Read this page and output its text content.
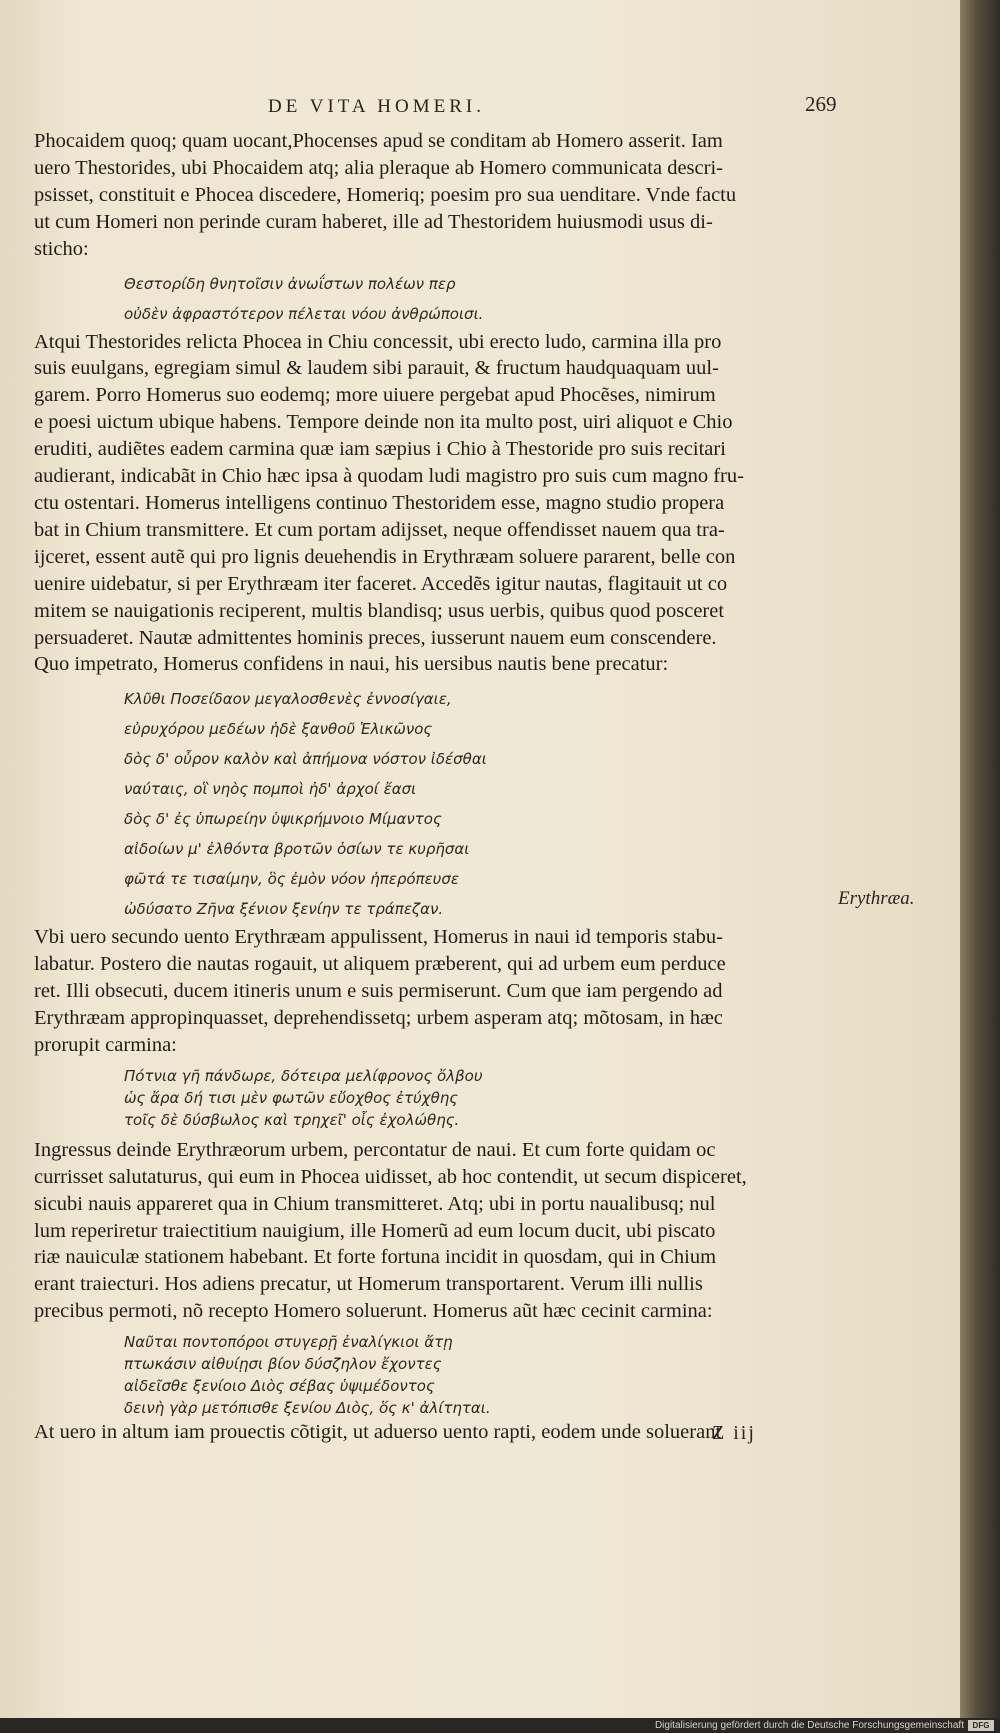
DE VITA HOMERI.	269
Phocaidem quoq; quam uocant,Phocenses apud se conditam ab Homero asserit. Iam
uero Thestorides, ubi Phocaidem atq; alia pleraque ab Homero communicata descri-
psisset, constituit e Phocea discedere, Homeriq; poesim pro sua uenditare. Vnde factu
ut cum Homeri non perinde curam haberet, ille ad Thestoridem huiusmodi usus di-
sticho:
Θεστορίδη θνητοῖσιν ἀνωΐστων πολέων περ
οὐδὲν ἀφραστότερον πέλεται νόου ἀνθρώποισι.
Atqui Thestorides relicta Phocea in Chiu concessit, ubi erecto ludo, carmina illa pro
suis euulgans, egregiam simul & laudem sibi parauit, & fructum haudquaquam uul-
garem. Porro Homerus suo eodemq; more uiuere pergebat apud Phocẽses, nimirum
e poesi uictum ubique habens. Tempore deinde non ita multo post, uiri aliquot e Chio
eruditi, audiẽtes eadem carmina quæ iam sæpius i Chio à Thestoride pro suis recitari
audierant, indicabãt in Chio hæc ipsa à quodam ludi magistro pro suis cum magno fru-
ctu ostentari. Homerus intelligens continuo Thestoridem esse, magno studio propera
bat in Chium transmittere. Et cum portam adijsset, neque offendisset nauem qua tra-
ijceret, essent autẽ qui pro lignis deuehendis in Erythræam soluere pararent, belle con
uenire uidebatur, si per Erythræam iter faceret. Accedẽs igitur nautas, flagitauit ut co
mitem se nauigationis reciperent, multis blandisq; usus uerbis, quibus quod posceret
persuaderet. Nautæ admittentes hominis preces, iusserunt nauem eum conscendere.
Quo impetrato, Homerus confidens in naui, his uersibus nautis bene precatur:
Κλῦθι Ποσείδαον μεγαλοσθενὲς ἐννοσίγαιε,
εὐρυχόρου μεδέων ἠδὲ ξανθοῦ Ἑλικῶνος
δὸς δ' οὖρον καλὸν καὶ ἀπήμονα νόστον ἰδέσθαι
ναύταις, οἳ νηὸς πομποὶ ἠδ' ἀρχοί ἔασι
δὸς δ' ἐς ὑπωρείην ὑψικρήμνοιο Μίμαντος
αἰδοίων μ' ἐλθόντα βροτῶν ὁσίων τε κυρῆσαι
φῶτά τε τισαίμην, ὃς ἐμὸν νόον ἠπερόπευσε
ὠδύσατο Ζῆνα ξένιον ξενίην τε τράπεζαν.
Vbi uero secundo uento Erythræam appulissent, Homerus in naui id temporis stabu-
labatur. Postero die nautas rogauit, ut aliquem præberent, qui ad urbem eum perduce
ret. Illi obsecuti, ducem itineris unum e suis permiserunt. Cum que iam pergendo ad
Erythræam appropinquasset, deprehendissetq; urbem asperam atq; mõtosam, in hæc
prorupit carmina:
Πότνια γῆ πάνδωρε, δότειρα μελίφρονος ὄλβου
ὡς ἄρα δή τισι μὲν φωτῶν εὔοχθος ἐτύχθης
τοῖς δὲ δύσβωλος καὶ τρηχεῖ' οἷς ἐχολώθης.
Ingressus deinde Erythræorum urbem, percontatur de naui. Et cum forte quidam oc
currisset salutaturus, qui eum in Phocea uidisset, ab hoc contendit, ut secum dispiceret,
sicubi nauis appareret qua in Chium transmitteret. Atq; ubi in portu naualibusq; nul
lum reperiretur traiectitium nauigium, ille Homerũ ad eum locum ducit, ubi piscato
riæ nauiculæ stationem habebant. Et forte fortuna incidit in quosdam, qui in Chium
erant traiecturi. Hos adiens precatur, ut Homerum transportarent. Verum illi nullis
precibus permoti, nõ recepto Homero soluerunt. Homerus aũt hæc cecinit carmina:
Ναῦται ποντοπόροι στυγερῇ ἐναλίγκιοι ἄτῃ
πτωκάσιν αἰθυίῃσι βίον δύσζηλον ἔχοντες
αἰδεῖσθε ξενίοιο Διὸς σέβας ὑψιμέδοντος
δεινὴ γὰρ μετόπισθε ξενίου Διὸς, ὅς κ' ἀλίτηται.
At uero in altum iam prouectis cõtigit, ut aduerso uento rapti, eodem unde soluerant
Erythræa.
Z iij
Digitalisierung gefördert durch die Deutsche Forschungsgemeinschaft	DFG
